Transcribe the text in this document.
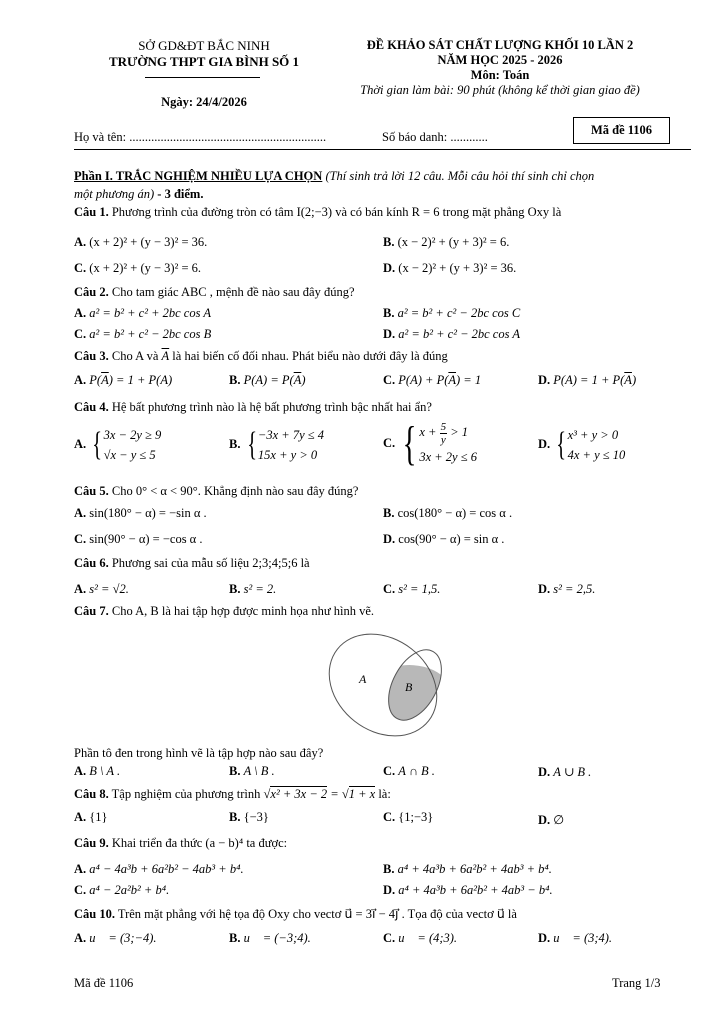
SỞ GD&ĐT BẮC NINH
TRƯỜNG THPT GIA BÌNH SỐ 1
Ngày: 24/4/2026
ĐỀ KHẢO SÁT CHẤT LƯỢNG KHỐI 10 LẦN 2
NĂM HỌC 2025 - 2026
Môn: Toán
Thời gian làm bài: 90 phút (không kể thời gian giao đề)
Họ và tên: ...............................................................	Số báo danh: ............	Mã đề 1106
Phần I. TRẮC NGHIỆM NHIỀU LỰA CHỌN (Thí sinh trả lời 12 câu. Mỗi câu hỏi thí sinh chỉ chọn
một phương án) - 3 điểm.
Câu 1. Phương trình của đường tròn có tâm I(2;−3) và có bán kính R = 6 trong mặt phẳng Oxy là
A. (x + 2)² + (y − 3)² = 36.	B. (x − 2)² + (y + 3)² = 6.
C. (x + 2)² + (y − 3)² = 6.	D. (x − 2)² + (y + 3)² = 36.
Câu 2. Cho tam giác ABC , mệnh đề nào sau đây đúng?
A. a² = b² + c² + 2bc cos A	B. a² = b² + c² − 2bc cos C
C. a² = b² + c² − 2bc cos B	D. a² = b² + c² − 2bc cos A
Câu 3. Cho A và $\overline{A}$ là hai biến cố đối nhau. Phát biểu nào dưới đây là đúng
A. $P(\overline{A}) = 1 + P(A)$	B. $P(A) = P(\overline{A})$	C. $P(A) + P(\overline{A}) = 1$	D. $P(A) = 1 + P(\overline{A})$
Câu 4. Hệ bất phương trình nào là hệ bất phương trình bậc nhất hai ẩn?
A. {3x − 2y ≥ 9
√x − y ≤ 5
B. {−3x + 7y ≤ 4
15x + y > 0
C. { $x + \frac{5}{y} > 1$
3x + 2y ≤ 6
D. {x³ + y > 0
4x + y ≤ 10
Câu 5. Cho 0° < α < 90°. Khẳng định nào sau đây đúng?
A. sin(180° − α) = −sin α .	B. cos(180° − α) = cos α .
C. sin(90° − α) = −cos α .	D. cos(90° − α) = sin α .
Câu 6. Phương sai của mẫu số liệu 2;3;4;5;6 là
A. s² = √2.	B. s² = 2.	C. s² = 1,5.	D. s² = 2,5.
Câu 7. Cho A, B là hai tập hợp được minh họa như hình vẽ.
A
B
Phần tô đen trong hình vẽ là tập hợp nào sau đây?
A. B \ A .	B. A \ B .	C. A ∩ B .	D. A ∪ B .
Câu 8. Tập nghiệm của phương trình √x² + 3x − 2 = √1 + x là:
A. {1}	B. {−3}	C. {1;−3}	D. ∅
Câu 9. Khai triển đa thức (a − b)⁴ ta được:
A. a⁴ − 4a³b + 6a²b² − 4ab³ + b⁴.	B. a⁴ + 4a³b + 6a²b² + 4ab³ + b⁴.
C. a⁴ − 2a²b² + b⁴.	D. a⁴ + 4a³b + 6a²b² + 4ab³ − b⁴.
Câu 10. Trên mặt phẳng với hệ tọa độ Oxy cho vectơ u⃗ = 3i⃗ − 4j⃗ . Tọa độ của vectơ u⃗ là
A. u⃗ = (3;−4).	B. u⃗ = (−3;4).	C. u⃗ = (4;3).	D. u⃗ = (3;4).
Mã đề 1106	Trang 1/3
